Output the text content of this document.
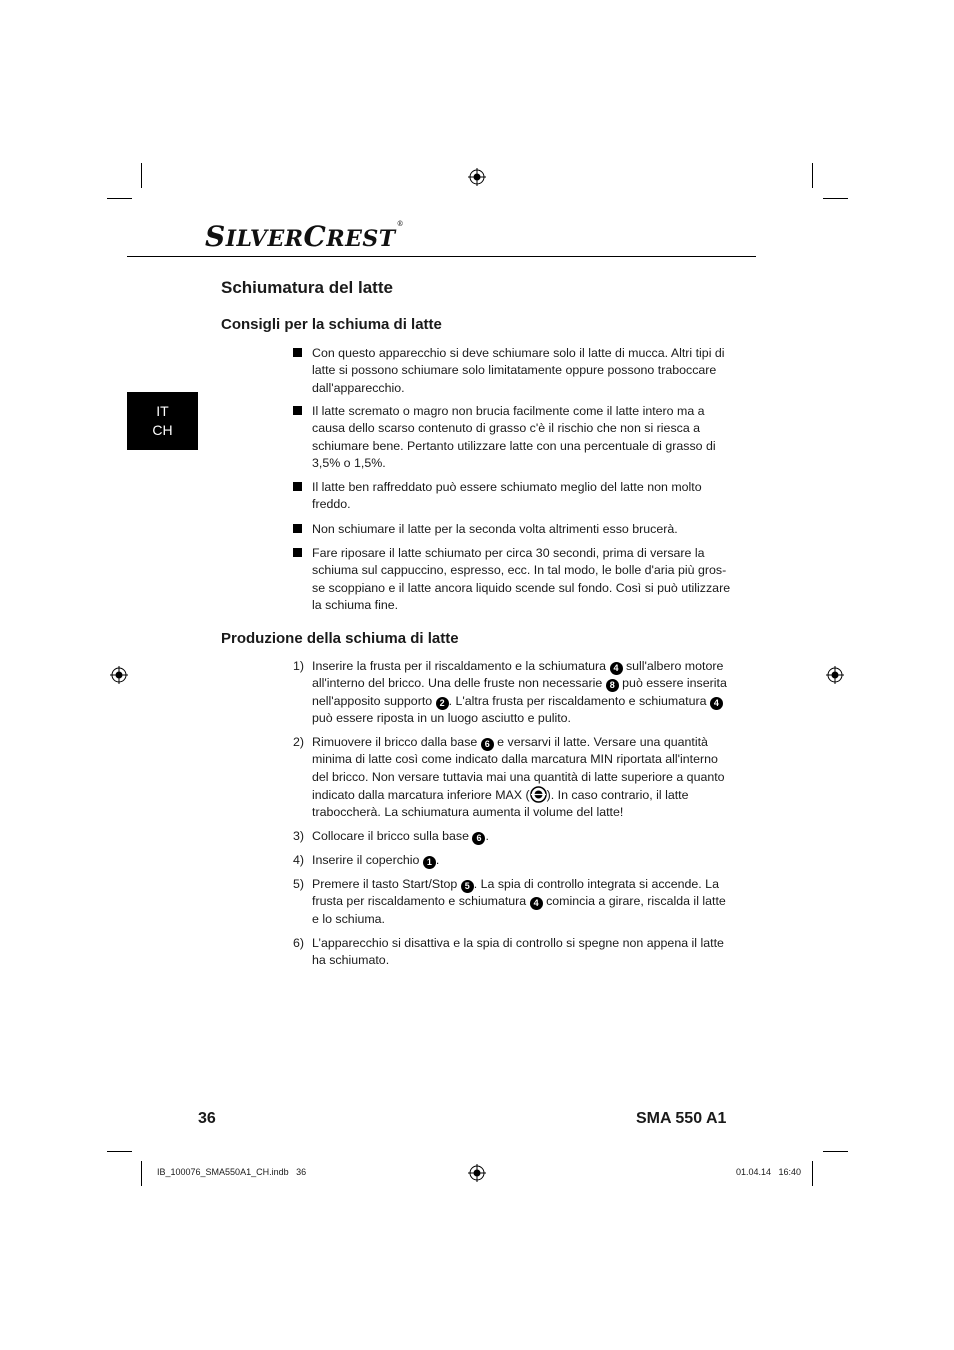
SILVERCREST®
IT
CH
Schiumatura del latte
Consigli per la schiuma di latte
Con questo apparecchio si deve schiumare solo il latte di mucca. Altri tipi di
latte si possono schiumare solo limitatamente oppure possono traboccare
dall'apparecchio.
Il latte scremato o magro non brucia facilmente come il latte intero ma a
causa dello scarso contenuto di grasso c'è il rischio che non si riesca a
schiumare bene. Pertanto utilizzare latte con una percentuale di grasso di
3,5% o 1,5%.
Il latte ben raffreddato può essere schiumato meglio del latte non molto
freddo.
Non schiumare il latte per la seconda volta altrimenti esso brucerà.
Fare riposare il latte schiumato per circa 30 secondi, prima di versare la
schiuma sul cappuccino, espresso, ecc. In tal modo, le bolle d'aria più gros-
se scoppiano e il latte ancora liquido scende sul fondo. Così si può utilizzare
la schiuma fine.
Produzione della schiuma di latte
1) Inserire la frusta per il riscaldamento e la schiumatura 4 sull'albero motore
all'interno del bricco. Una delle fruste non necessarie 8 può essere inserita
nell'apposito supporto 2 . L'altra frusta per riscaldamento e schiumatura 4
può essere riposta in un luogo asciutto e pulito.
2) Rimuovere il bricco dalla base 6 e versarvi il latte. Versare una quantità
minima di latte così come indicato dalla marcatura MIN riportata all'interno
del bricco. Non versare tuttavia mai una quantità di latte superiore a quanto
indicato dalla marcatura inferiore MAX ( ). In caso contrario, il latte
traboccherà. La schiumatura aumenta il volume del latte!
3) Collocare il bricco sulla base 6 .
4) Inserire il coperchio 1 .
5) Premere il tasto Start/Stop 5 . La spia di controllo integrata si accende. La
frusta per riscaldamento e schiumatura 4 comincia a girare, riscalda il latte
e lo schiuma.
6) L’apparecchio si disattiva e la spia di controllo si spegne non appena il latte
ha schiumato.
36	SMA 550 A1
IB_100076_SMA550A1_CH.indb   36	01.04.14   16:40
